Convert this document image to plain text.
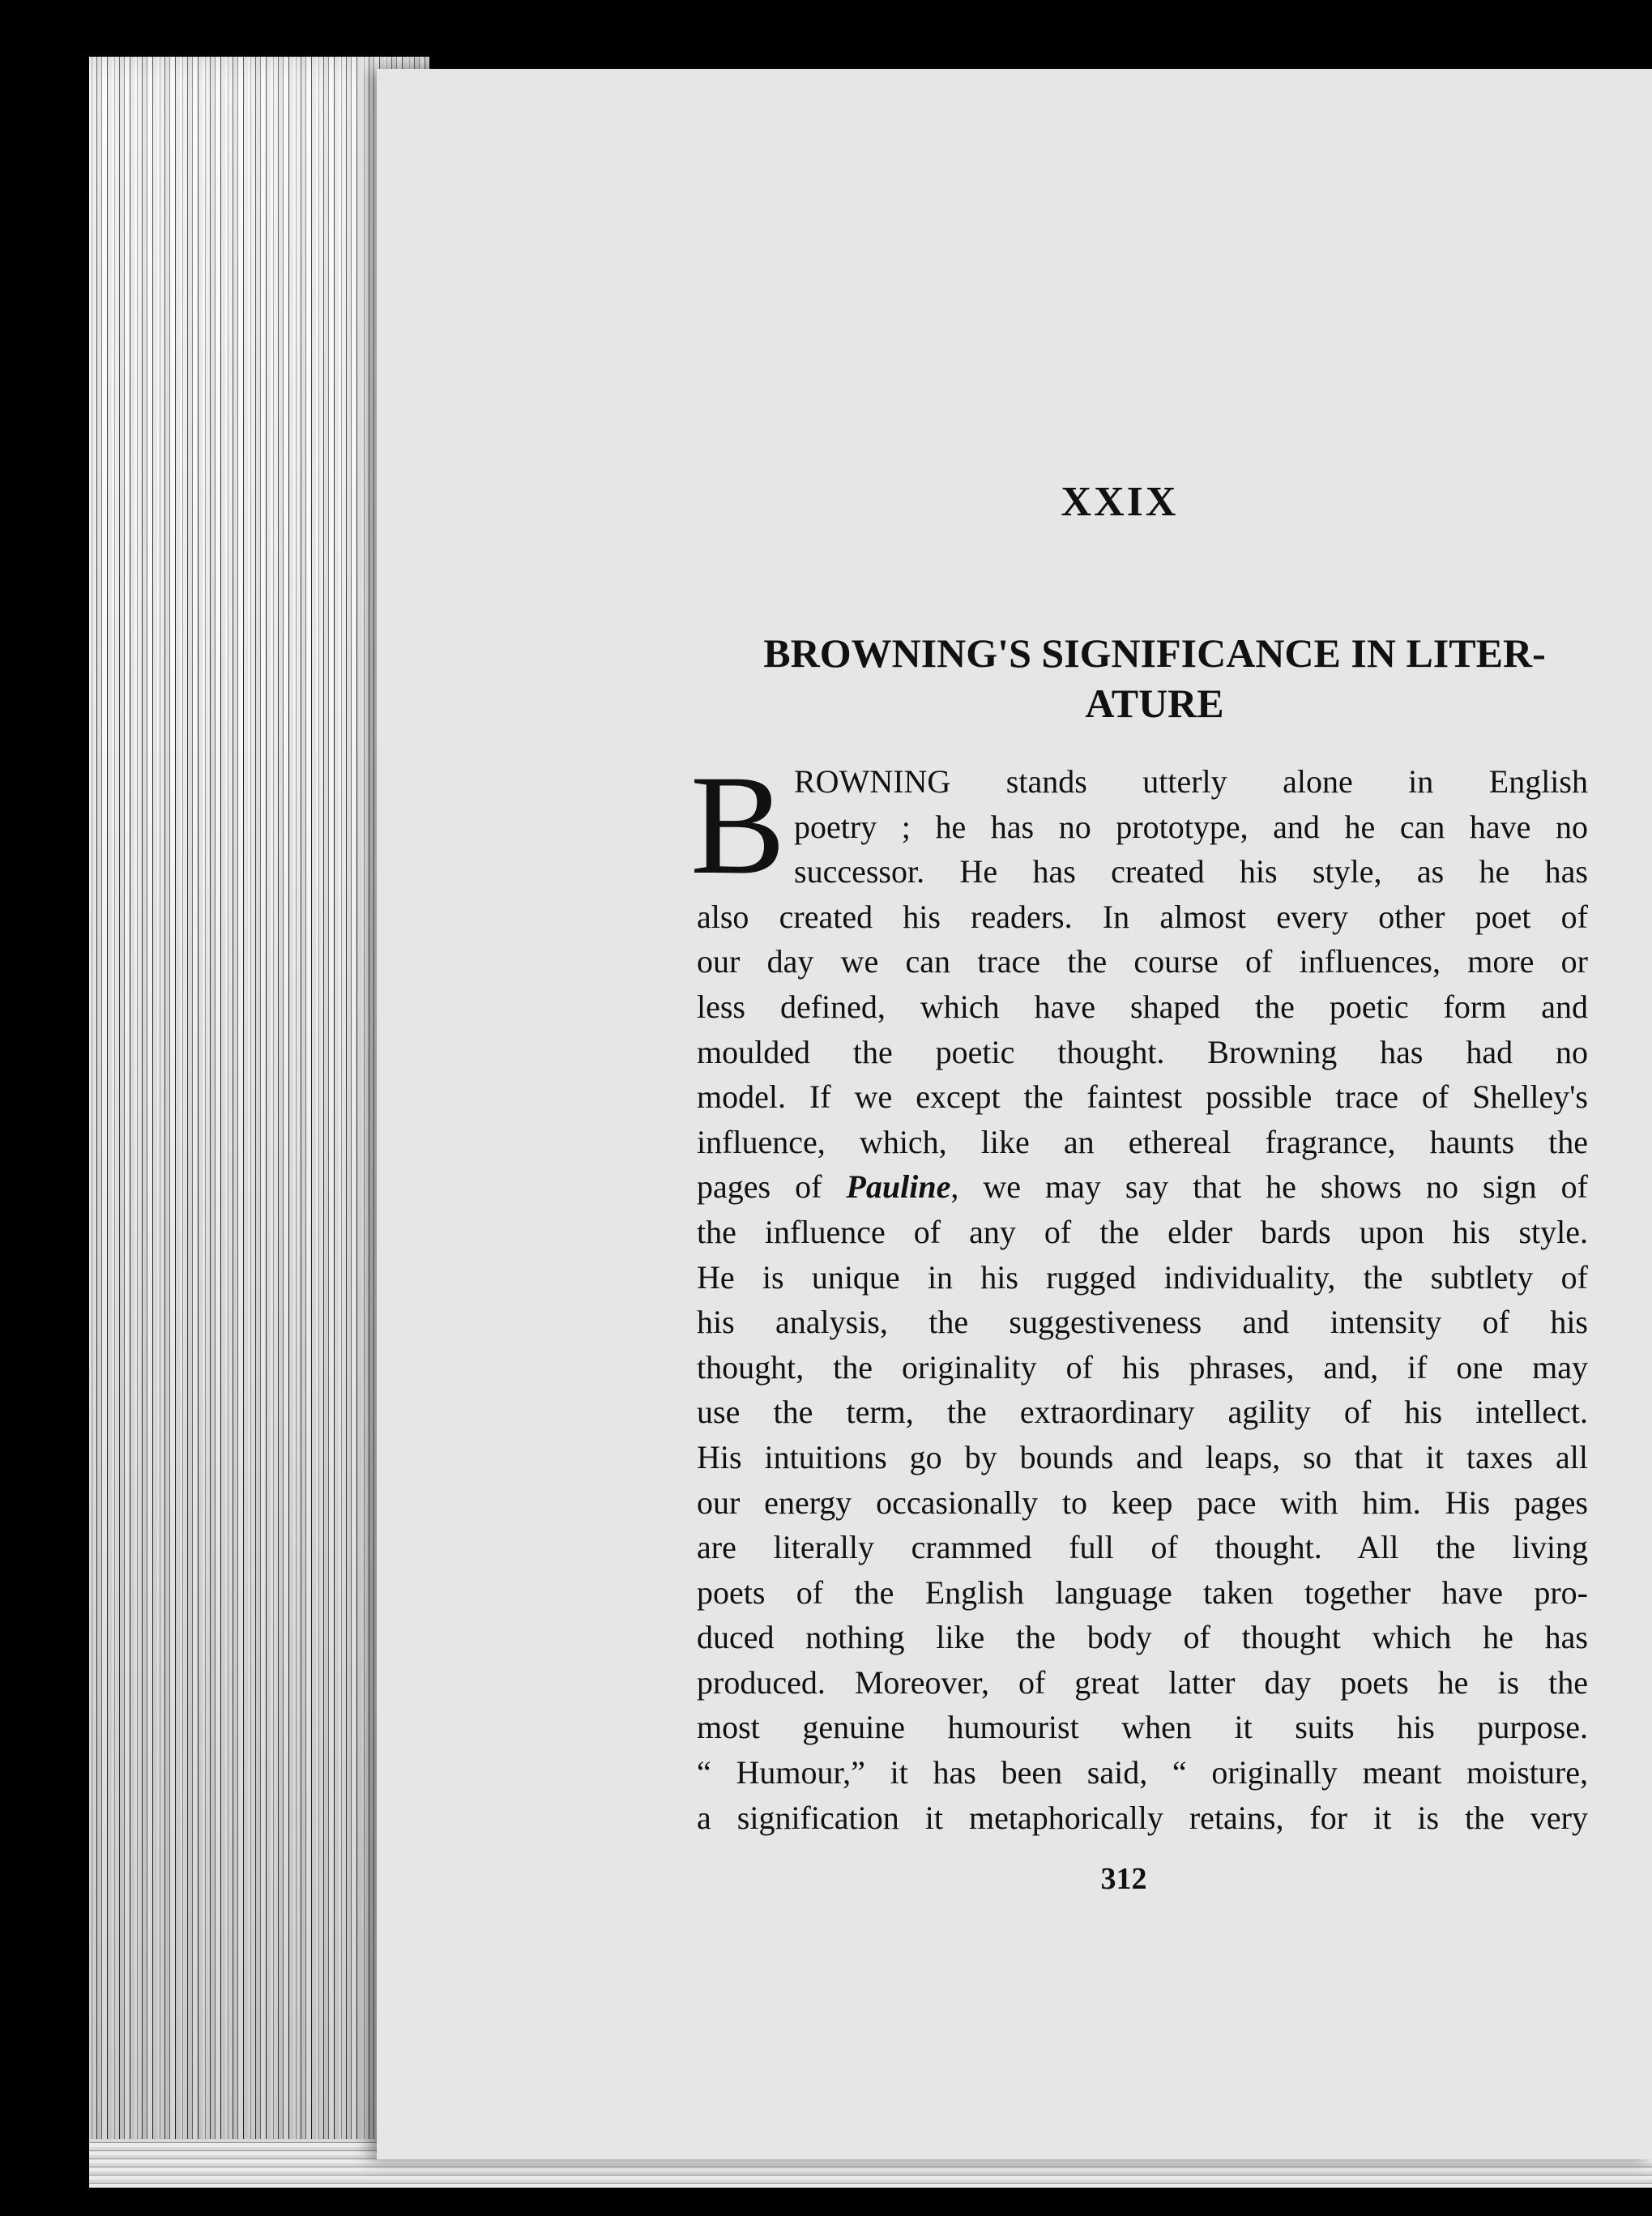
XXIX
BROWNING'S SIGNIFICANCE IN LITER-
ATURE
B ROWNING stands utterly alone in English
poetry ; he has no prototype, and he can have no
successor. He has created his style, as he has
also created his readers. In almost every other poet of
our day we can trace the course of influences, more or
less defined, which have shaped the poetic form and
moulded the poetic thought. Browning has had no
model. If we except the faintest possible trace of Shelley's
influence, which, like an ethereal fragrance, haunts the
pages of Pauline, we may say that he shows no sign of
the influence of any of the elder bards upon his style.
He is unique in his rugged individuality, the subtlety of
his analysis, the suggestiveness and intensity of his
thought, the originality of his phrases, and, if one may
use the term, the extraordinary agility of his intellect.
His intuitions go by bounds and leaps, so that it taxes all
our energy occasionally to keep pace with him. His pages
are literally crammed full of thought. All the living
poets of the English language taken together have pro-
duced nothing like the body of thought which he has
produced. Moreover, of great latter day poets he is the
most genuine humourist when it suits his purpose.
“ Humour,” it has been said, “ originally meant moisture,
a signification it metaphorically retains, for it is the very
312
